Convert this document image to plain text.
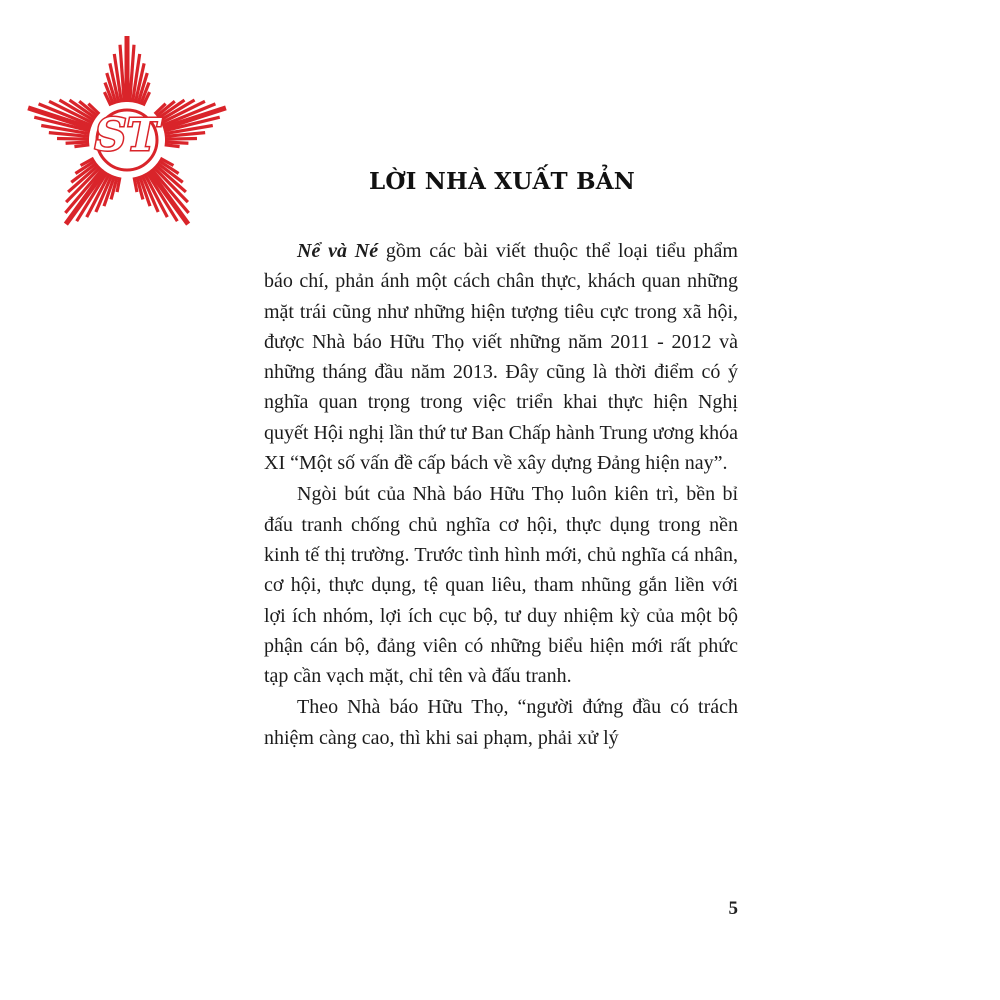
ST
LỜI NHÀ XUẤT BẢN

Nể và Né gồm các bài viết thuộc thể loại tiểu phẩm báo chí, phản ánh một cách chân thực, khách quan những mặt trái cũng như những hiện tượng tiêu cực trong xã hội, được Nhà báo Hữu Thọ viết những năm 2011 - 2012 và những tháng đầu năm 2013. Đây cũng là thời điểm có ý nghĩa quan trọng trong việc triển khai thực hiện Nghị quyết Hội nghị lần thứ tư Ban Chấp hành Trung ương khóa XI “Một số vấn đề cấp bách về xây dựng Đảng hiện nay”.

Ngòi bút của Nhà báo Hữu Thọ luôn kiên trì, bền bỉ đấu tranh chống chủ nghĩa cơ hội, thực dụng trong nền kinh tế thị trường. Trước tình hình mới, chủ nghĩa cá nhân, cơ hội, thực dụng, tệ quan liêu, tham nhũng gắn liền với lợi ích nhóm, lợi ích cục bộ, tư duy nhiệm kỳ của một bộ phận cán bộ, đảng viên có những biểu hiện mới rất phức tạp cần vạch mặt, chỉ tên và đấu tranh.

Theo Nhà báo Hữu Thọ, “người đứng đầu có trách nhiệm càng cao, thì khi sai phạm, phải xử lý

5
